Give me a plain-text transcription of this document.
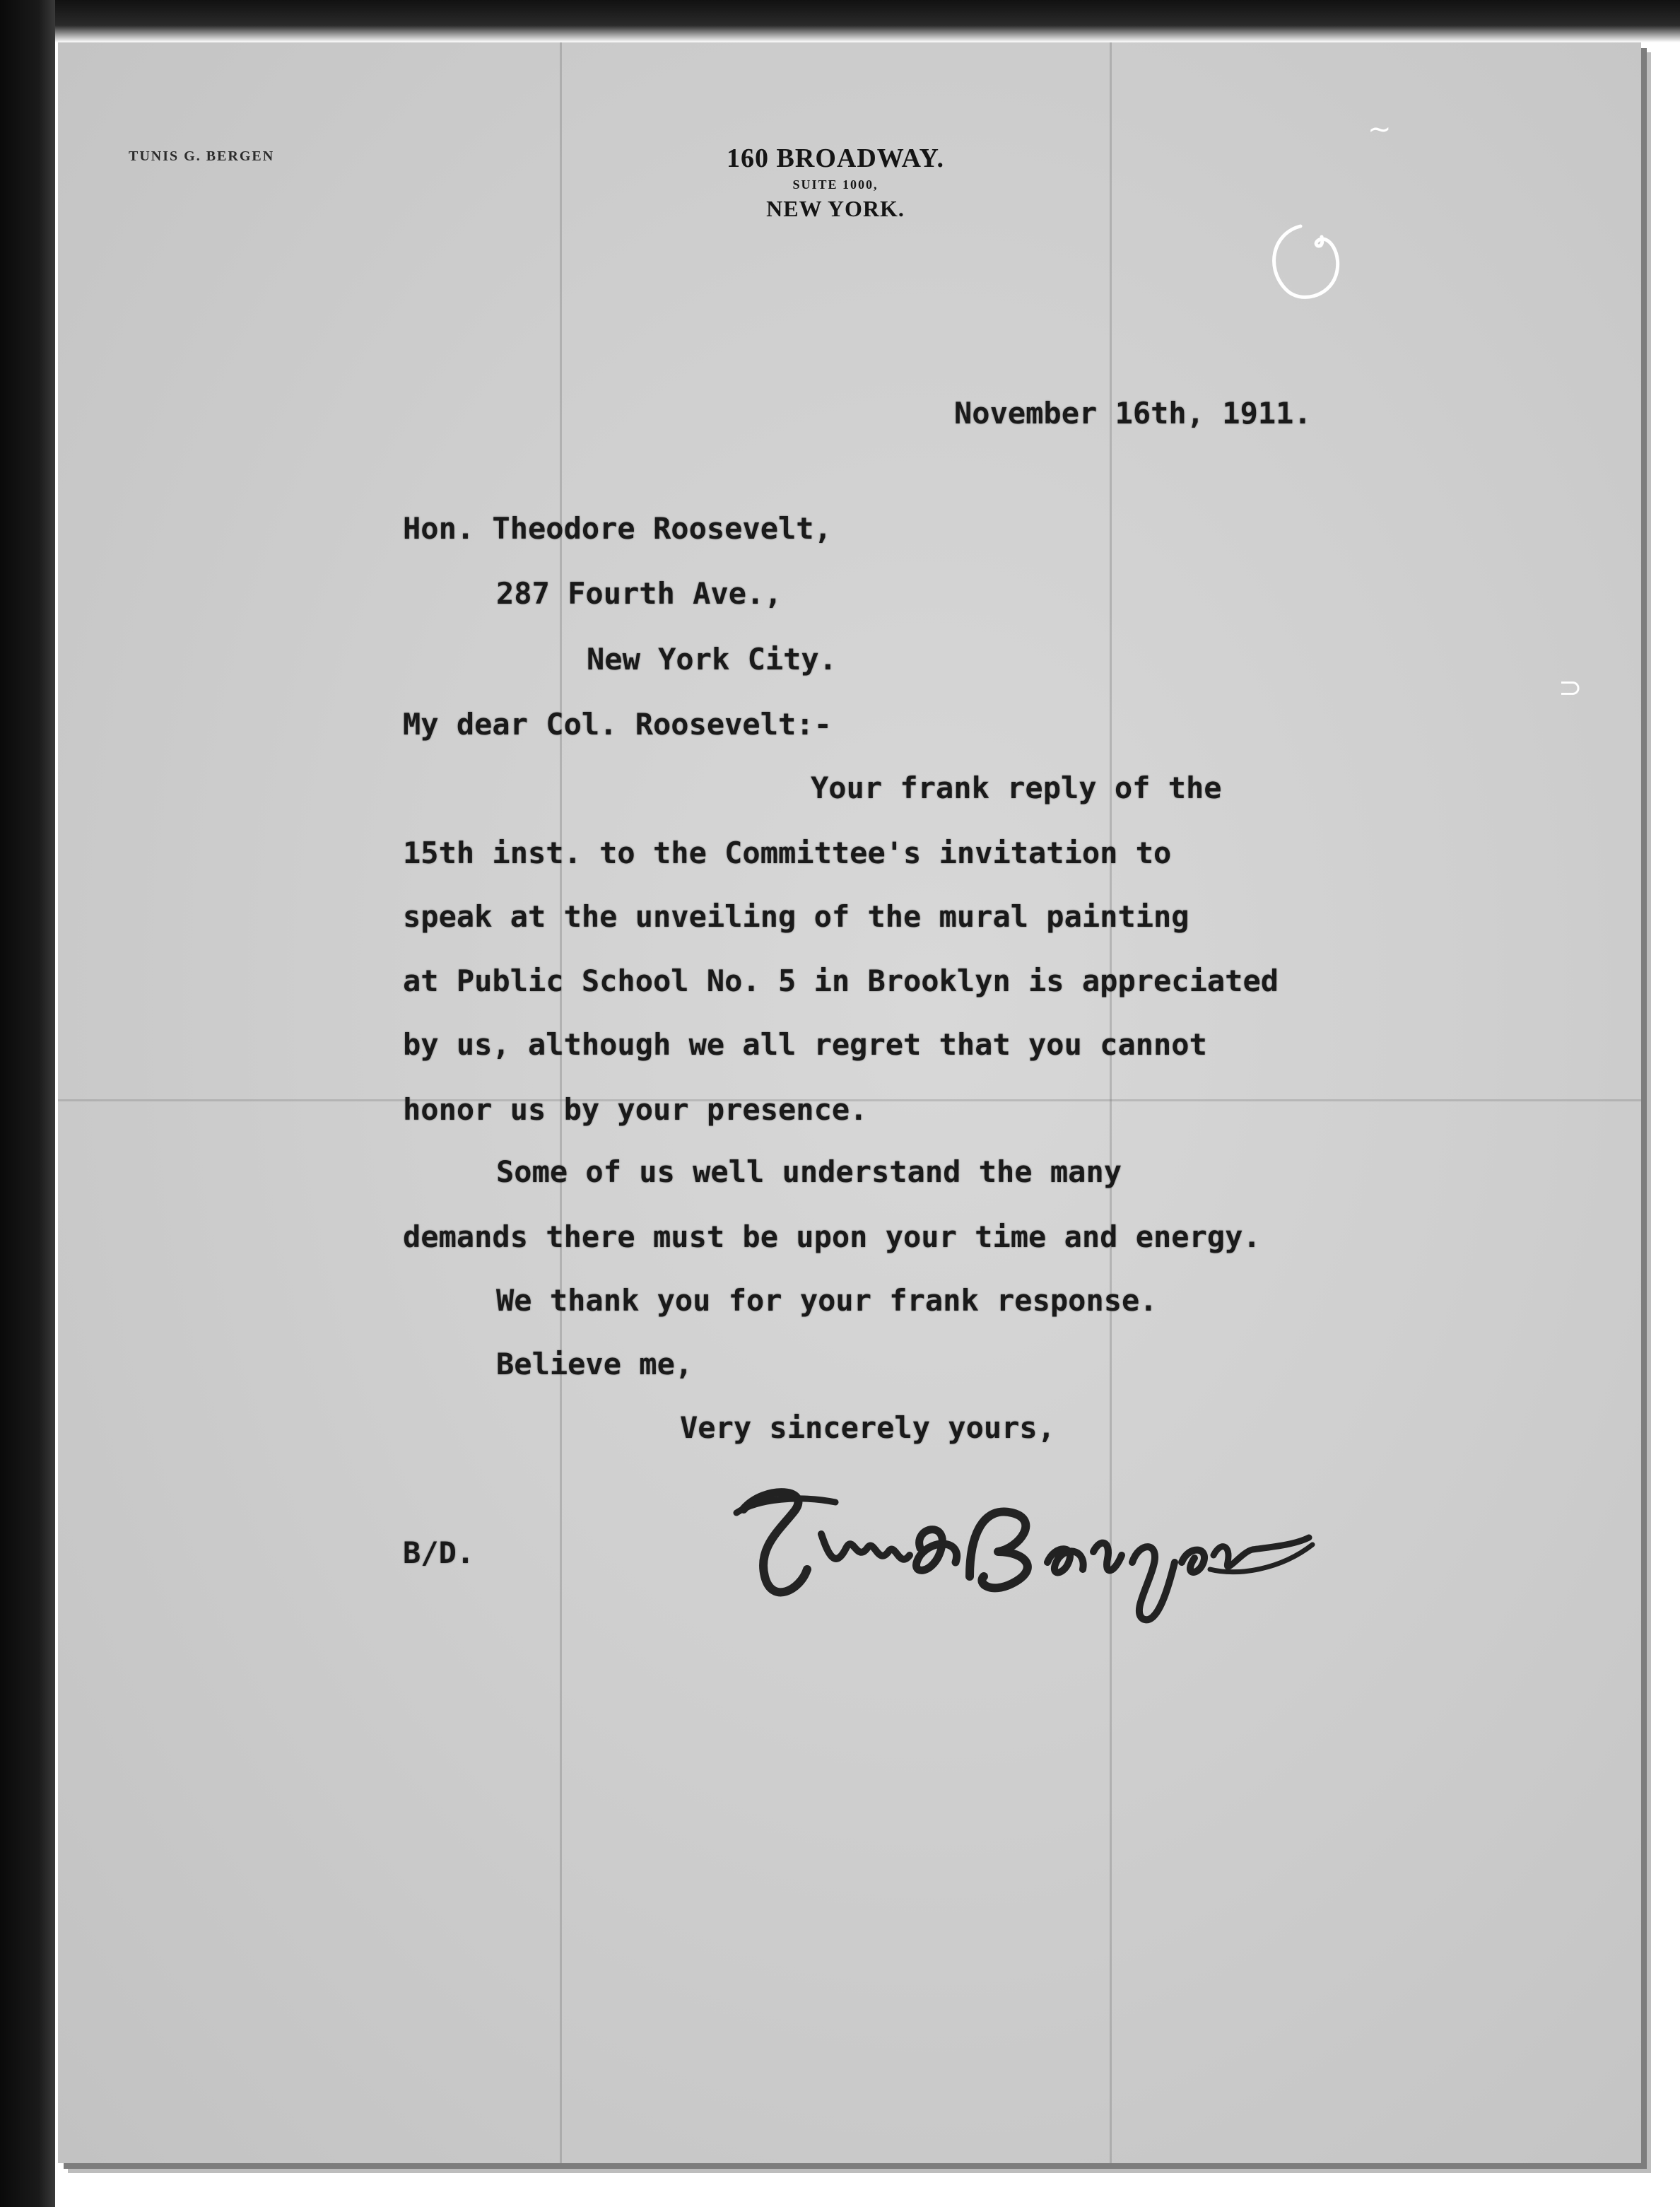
TUNIS G. BERGEN	160 BROADWAY.
SUITE 1000,
NEW YORK.
November 16th, 1911.
Hon. Theodore Roosevelt,
287 Fourth Ave.,
New York City.
My dear Col. Roosevelt:-
Your frank reply of the
15th inst. to the Committee's invitation to
speak at the unveiling of the mural painting
at Public School No. 5 in Brooklyn is appreciated
by us, although we all regret that you cannot
honor us by your presence.
Some of us well understand the many
demands there must be upon your time and energy.
We thank you for your frank response.
Believe me,
Very sincerely yours,
B/D.
~
⊃
